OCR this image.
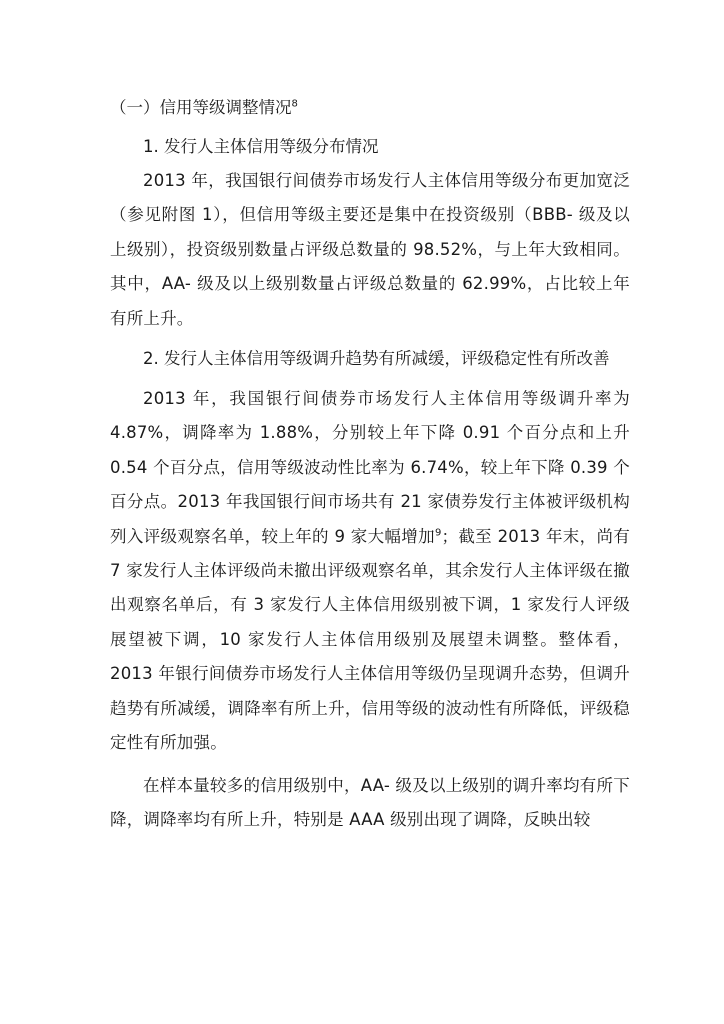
（一）信用等级调整情况$^8$

1. 发行人主体信用等级分布情况

2013 年，我国银行间债券市场发行人主体信用等级分布更加宽泛（参见附图 1），但信用等级主要还是集中在投资级别（BBB- 级及以上级别），投资级别数量占评级总数量的 98.52%，与上年大致相同。其中，AA- 级及以上级别数量占评级总数量的 62.99%，占比较上年有所上升。

2. 发行人主体信用等级调升趋势有所减缓，评级稳定性有所改善

2013 年，我国银行间债券市场发行人主体信用等级调升率为 4.87%，调降率为 1.88%，分别较上年下降 0.91 个百分点和上升 0.54 个百分点，信用等级波动性比率为 6.74%，较上年下降 0.39 个百分点。2013 年我国银行间市场共有 21 家债券发行主体被评级机构列入评级观察名单，较上年的 9 家大幅增加$^9$；截至 2013 年末，尚有 7 家发行人主体评级尚未撤出评级观察名单，其余发行人主体评级在撤出观察名单后，有 3 家发行人主体信用级别被下调，1 家发行人评级展望被下调，10 家发行人主体信用级别及展望未调整。整体看，2013 年银行间债券市场发行人主体信用等级仍呈现调升态势，但调升趋势有所减缓，调降率有所上升，信用等级的波动性有所降低，评级稳定性有所加强。

在样本量较多的信用级别中，AA- 级及以上级别的调升率均有所下降，调降率均有所上升，特别是 AAA 级别出现了调降，反映出较
